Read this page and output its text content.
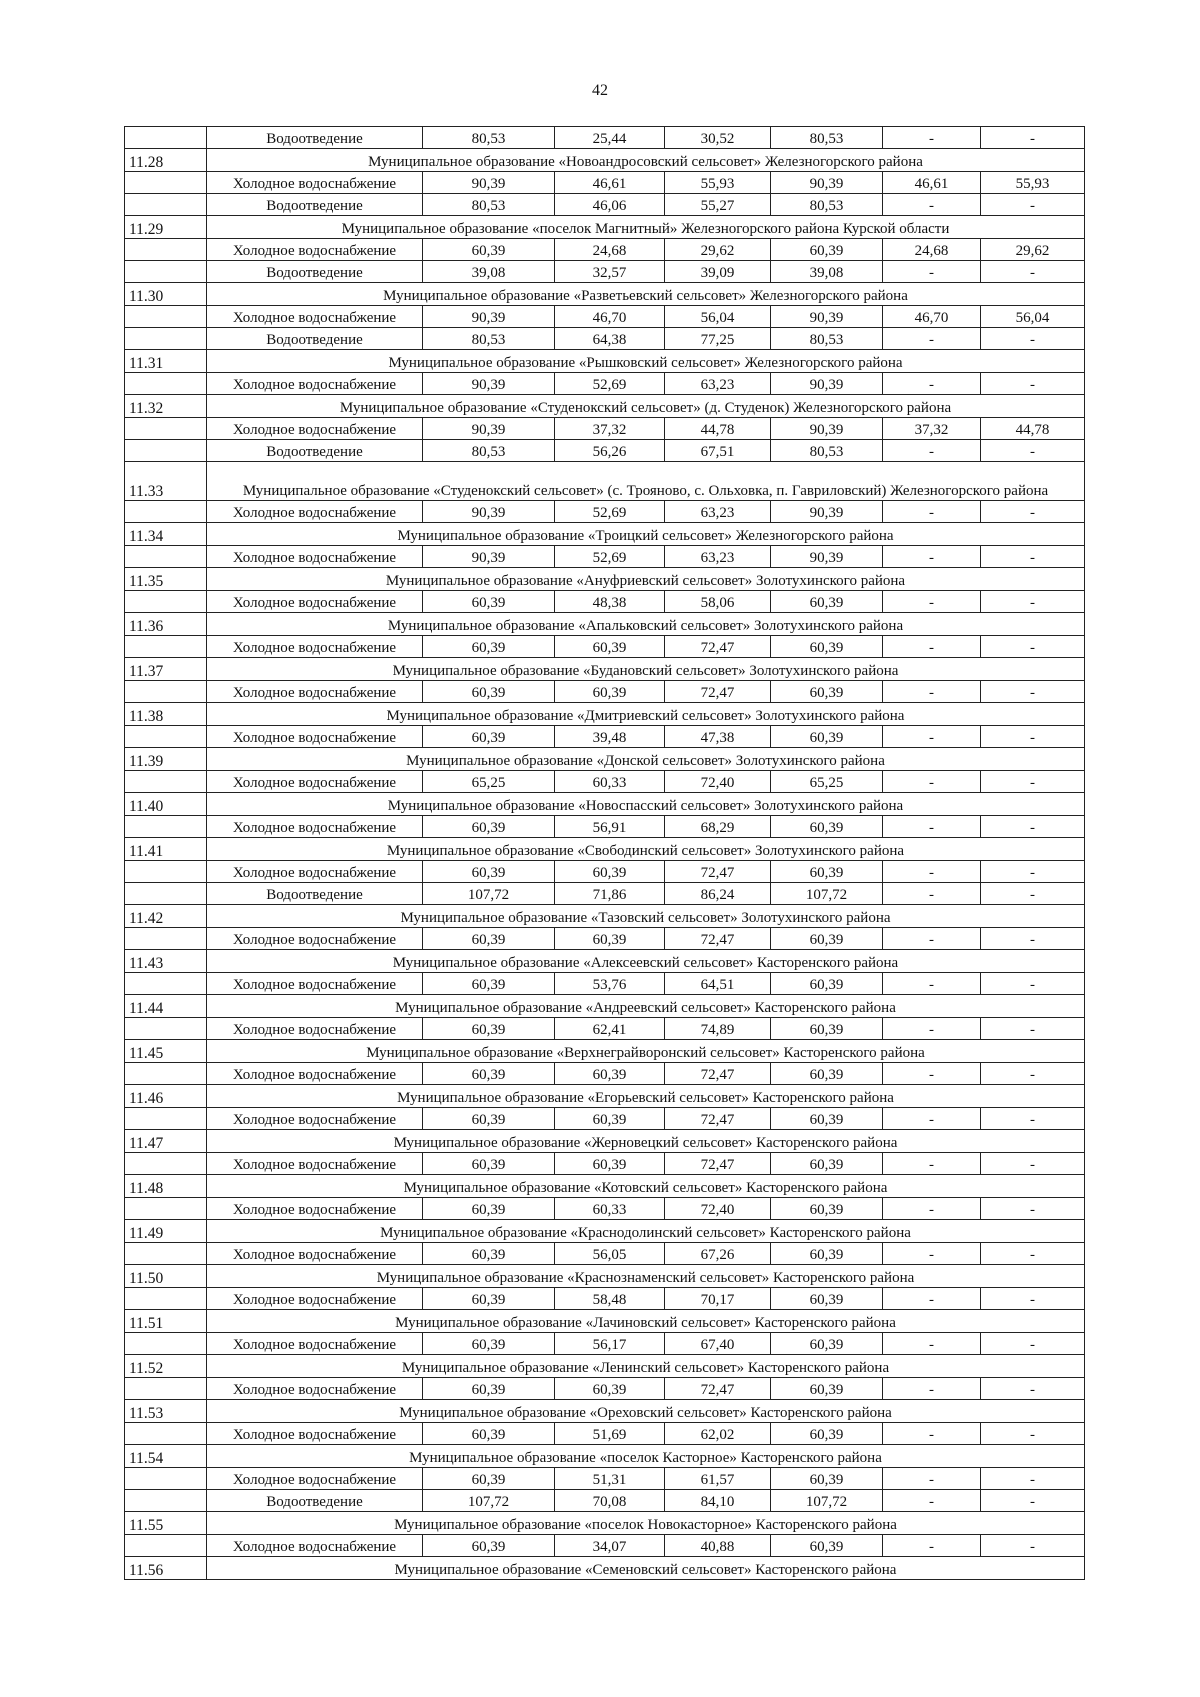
42
	Водоотведение	80,53	25,44	30,52	80,53	-	-
11.28	Муниципальное образование «Новоандросовский сельсовет» Железногорского района						
	Холодное водоснабжение	90,39	46,61	55,93	90,39	46,61	55,93
	Водоотведение	80,53	46,06	55,27	80,53	-	-
11.29	Муниципальное образование «поселок Магнитный» Железногорского района Курской области						
	Холодное водоснабжение	60,39	24,68	29,62	60,39	24,68	29,62
	Водоотведение	39,08	32,57	39,09	39,08	-	-
11.30	Муниципальное образование «Разветьевский сельсовет» Железногорского района						
	Холодное водоснабжение	90,39	46,70	56,04	90,39	46,70	56,04
	Водоотведение	80,53	64,38	77,25	80,53	-	-
11.31	Муниципальное образование «Рышковский сельсовет» Железногорского района						
	Холодное водоснабжение	90,39	52,69	63,23	90,39	-	-
11.32	Муниципальное образование «Студенокский сельсовет» (д. Студенок) Железногорского района						
	Холодное водоснабжение	90,39	37,32	44,78	90,39	37,32	44,78
	Водоотведение	80,53	56,26	67,51	80,53	-	-
11.33	Муниципальное образование «Студенокский сельсовет» (с. Трояново, с. Ольховка, п. Гавриловский) Железногорского района						
	Холодное водоснабжение	90,39	52,69	63,23	90,39	-	-
11.34	Муниципальное образование «Троицкий сельсовет» Железногорского района						
	Холодное водоснабжение	90,39	52,69	63,23	90,39	-	-
11.35	Муниципальное образование «Ануфриевский сельсовет» Золотухинского района						
	Холодное водоснабжение	60,39	48,38	58,06	60,39	-	-
11.36	Муниципальное образование «Апальковский сельсовет» Золотухинского района						
	Холодное водоснабжение	60,39	60,39	72,47	60,39	-	-
11.37	Муниципальное образование «Будановский сельсовет» Золотухинского района						
	Холодное водоснабжение	60,39	60,39	72,47	60,39	-	-
11.38	Муниципальное образование «Дмитриевский сельсовет» Золотухинского района						
	Холодное водоснабжение	60,39	39,48	47,38	60,39	-	-
11.39	Муниципальное образование «Донской сельсовет» Золотухинского района						
	Холодное водоснабжение	65,25	60,33	72,40	65,25	-	-
11.40	Муниципальное образование «Новоспасский сельсовет» Золотухинского района						
	Холодное водоснабжение	60,39	56,91	68,29	60,39	-	-
11.41	Муниципальное образование «Свободинский сельсовет» Золотухинского района						
	Холодное водоснабжение	60,39	60,39	72,47	60,39	-	-
	Водоотведение	107,72	71,86	86,24	107,72	-	-
11.42	Муниципальное образование «Тазовский сельсовет» Золотухинского района						
	Холодное водоснабжение	60,39	60,39	72,47	60,39	-	-
11.43	Муниципальное образование «Алексеевский сельсовет» Касторенского района						
	Холодное водоснабжение	60,39	53,76	64,51	60,39	-	-
11.44	Муниципальное образование «Андреевский сельсовет» Касторенского района						
	Холодное водоснабжение	60,39	62,41	74,89	60,39	-	-
11.45	Муниципальное образование «Верхнеграйворонский сельсовет» Касторенского района						
	Холодное водоснабжение	60,39	60,39	72,47	60,39	-	-
11.46	Муниципальное образование «Егорьевский сельсовет» Касторенского района						
	Холодное водоснабжение	60,39	60,39	72,47	60,39	-	-
11.47	Муниципальное образование «Жерновецкий сельсовет» Касторенского района						
	Холодное водоснабжение	60,39	60,39	72,47	60,39	-	-
11.48	Муниципальное образование «Котовский сельсовет» Касторенского района						
	Холодное водоснабжение	60,39	60,33	72,40	60,39	-	-
11.49	Муниципальное образование «Краснодолинский сельсовет» Касторенского района						
	Холодное водоснабжение	60,39	56,05	67,26	60,39	-	-
11.50	Муниципальное образование «Краснознаменский сельсовет» Касторенского района						
	Холодное водоснабжение	60,39	58,48	70,17	60,39	-	-
11.51	Муниципальное образование «Лачиновский сельсовет» Касторенского района						
	Холодное водоснабжение	60,39	56,17	67,40	60,39	-	-
11.52	Муниципальное образование «Ленинский сельсовет» Касторенского района						
	Холодное водоснабжение	60,39	60,39	72,47	60,39	-	-
11.53	Муниципальное образование «Ореховский сельсовет» Касторенского района						
	Холодное водоснабжение	60,39	51,69	62,02	60,39	-	-
11.54	Муниципальное образование «поселок Касторное» Касторенского района						
	Холодное водоснабжение	60,39	51,31	61,57	60,39	-	-
	Водоотведение	107,72	70,08	84,10	107,72	-	-
11.55	Муниципальное образование «поселок Новокасторное» Касторенского района						
	Холодное водоснабжение	60,39	34,07	40,88	60,39	-	-
11.56	Муниципальное образование «Семеновский сельсовет» Касторенского района						
